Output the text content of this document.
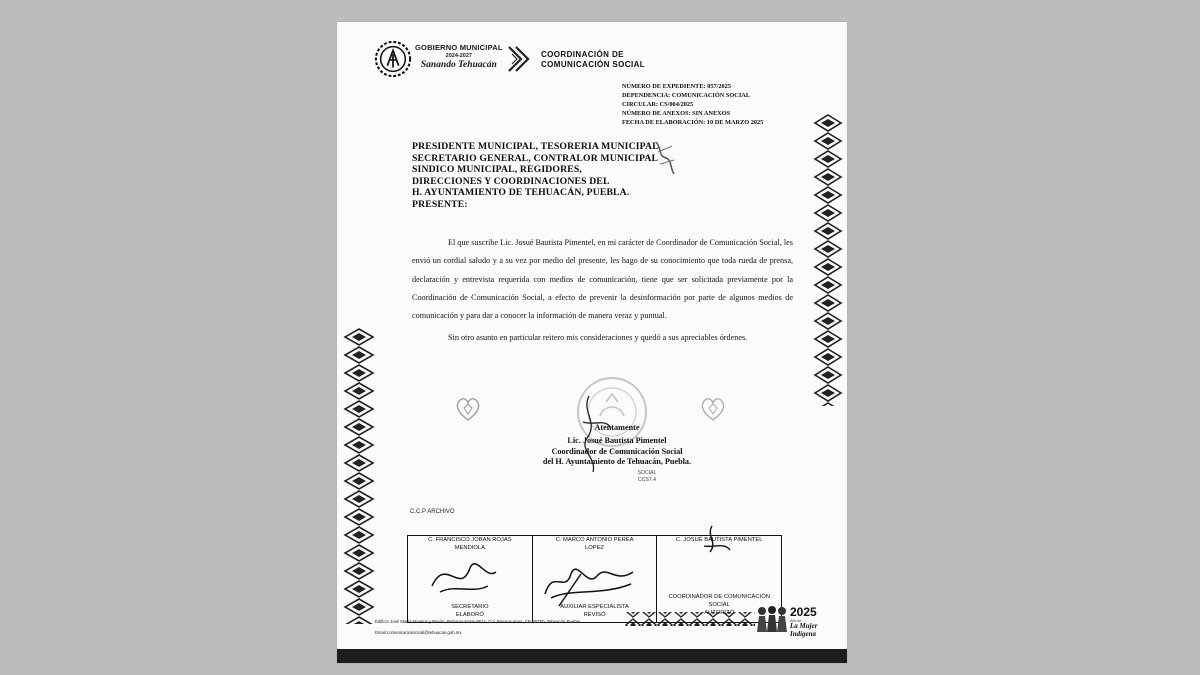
GOBIERNO MUNICIPAL
2024-2027
Sanando Tehuacán
COORDINACIÓN DE
COMUNICACIÓN SOCIAL
NÚMERO DE EXPEDIENTE: 057/2025
DEPENDENCIA: COMUNICACIÓN SOCIAL
CIRCULAR: CS/004/2025
NÚMERO DE ANEXOS: SIN ANEXOS
FECHA DE ELABORACIÓN: 10 DE MARZO 2025
PRESIDENTE MUNICIPAL, TESORERIA MUNICIPAL
SECRETARIO GENERAL, CONTRALOR MUNICIPAL
SINDICO MUNICIPAL, REGIDORES,
DIRECCIONES Y COORDINACIONES DEL
H. AYUNTAMIENTO DE TEHUACÁN, PUEBLA.
PRESENTE:

El que suscribe Lic. Josué Bautista Pimentel, en mi carácter de Coordinador de Comunicación Social, les envió un cordial saludo y a su vez por medio del presente, les hago de su conocimiento que toda rueda de prensa, declaración y entrevista requerida con medios de comunicación, tiene que ser solicitada previamente por la Coordinación de Comunicación Social, a efecto de prevenir la desinformación por parte de algunos medios de comunicación y para dar a conocer la información de manera veraz y puntual.

Sin otro asunto en particular reitero mis consideraciones y quedó a sus apreciables órdenes.

Atentamente
Lic. Josué Bautista Pimentel
Coordinador de Comunicación Social
del H. Ayuntamiento de Tehuacán, Puebla.
SOCIAL
CCS7.4
C.C.P ARCHIVO
C. FRANCISCO JOBAN ROJAS
MENDIOLA
SECRETARIO
ELABORÓ

C. MARCO ANTONIO PEREA
LOPEZ
AUXILIAR ESPECIALISTA
REVISÓ

C. JOSUÉ BAUTISTA PIMENTEL
COORDINADOR DE COMUNICACIÓN SOCIAL
AUTORIZÓ
Edificio José María Morelos y Pavón, Reforma Norte #614, Col. Buenos Aires, CP. 75750, Tehuacán Puebla.
Email:comunicacionsocial@tehuacan.gob.mx
2025
Año de
La Mujer
Indígena
